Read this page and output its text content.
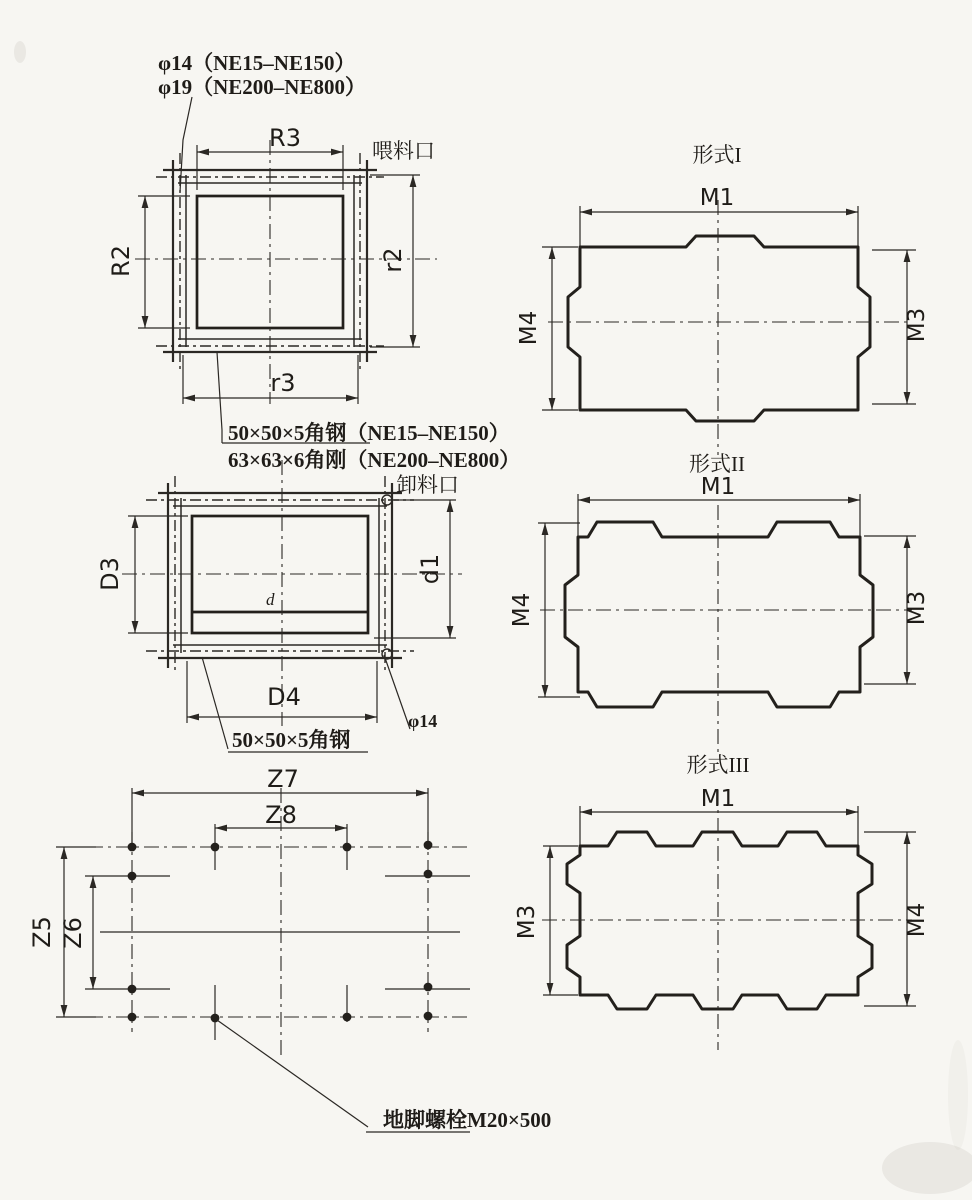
φ14（NE15–NE150）
φ19（NE200–NE800）
喂料口
R3
R2	r2
r3
50×50×5角钢（NE15–NE150）
63×63×6角刚（NE200–NE800）
卸料口
D3	d1
D4
d
φ14
50×50×5角钢
地脚螺栓M20×500
Z7
Z8
Z5 Z6
形式I
M1
M4	M3
形式II
M1
M4	M3
形式III
M1
M3	M4
